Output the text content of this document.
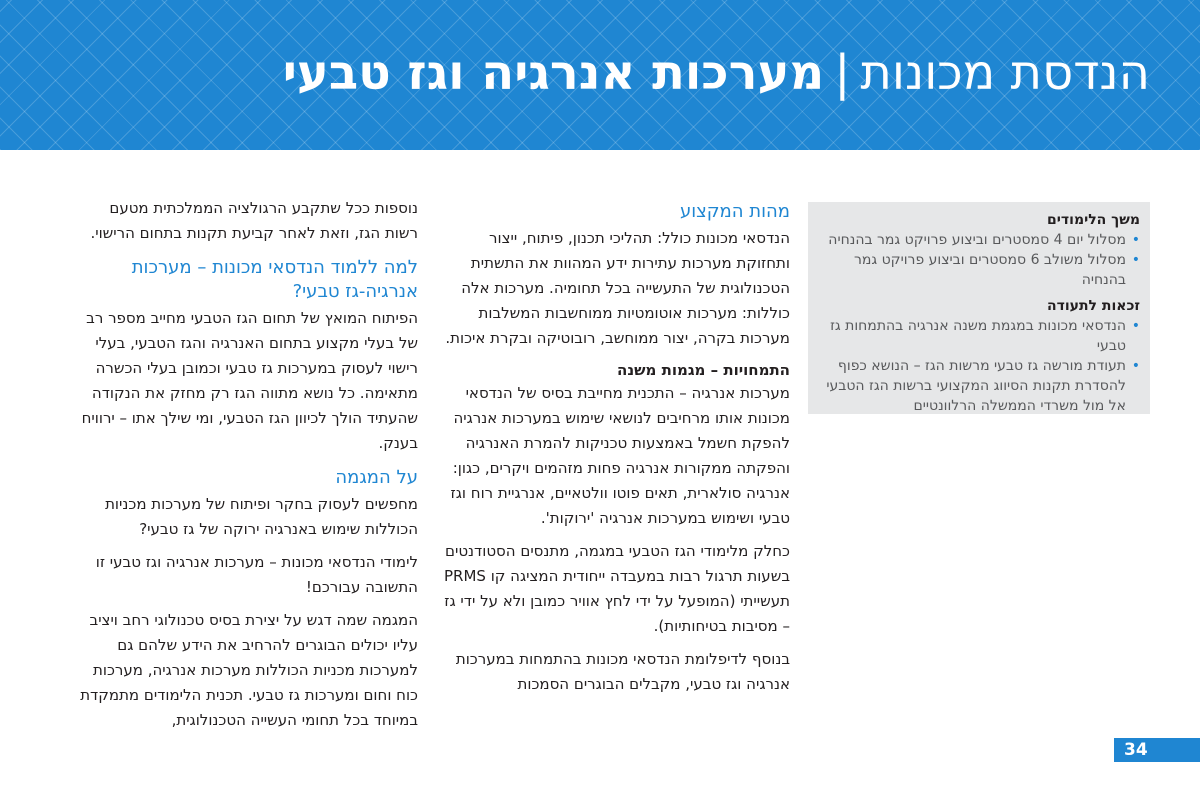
הנדסת מכונות|מערכות אנרגיה וגז טבעי
משך הלימודים
• מסלול יום 4 סמסטרים וביצוע פרויקט גמר בהנחיה
• מסלול משולב 6 סמסטרים וביצוע פרויקט גמר בהנחיה
זכאות לתעודה
• הנדסאי מכונות במגמת משנה אנרגיה בהתמחות גז טבעי
• תעודת מורשה גז טבעי מרשות הגז – הנושא כפוף להסדרת תקנות הסיווג המקצועי ברשות הגז הטבעי אל מול משרדי הממשלה הרלוונטיים
מהות המקצוע

הנדסאי מכונות כולל: תהליכי תכנון, פיתוח, ייצור ותחזוקת מערכות עתירות ידע המהוות את התשתית הטכנולוגית של התעשייה בכל תחומיה. מערכות אלה כוללות: מערכות אוטומטיות ממוחשבות המשלבות מערכות בקרה, יצור ממוחשב, רובוטיקה ובקרת איכות.

התמחויות – מגמות משנה

מערכות אנרגיה – התכנית מחייבת בסיס של הנדסאי מכונות אותו מרחיבים לנושאי שימוש במערכות אנרגיה להפקת חשמל באמצעות טכניקות להמרת האנרגיה והפקתה ממקורות אנרגיה פחות מזהמים ויקרים, כגון: אנרגיה סולארית, תאים פוטו וולטאיים, אנרגיית רוח וגז טבעי ושימוש במערכות אנרגיה 'ירוקות'.

כחלק מלימודי הגז הטבעי במגמה, מתנסים הסטודנטים בשעות תרגול רבות במעבדה ייחודית המציגה קו PRMS תעשייתי (המופעל על ידי לחץ אוויר כמובן ולא על ידי גז – מסיבות בטיחותיות).

בנוסף לדיפלומת הנדסאי מכונות בהתמחות במערכות אנרגיה וגז טבעי, מקבלים הבוגרים הסמכות

נוספות ככל שתקבע הרגולציה הממלכתית מטעם רשות הגז, וזאת לאחר קביעת תקנות בתחום הרישוי.

למה ללמוד הנדסאי מכונות – מערכות אנרגיה-גז טבעי?

הפיתוח המואץ של תחום הגז הטבעי מחייב מספר רב של בעלי מקצוע בתחום האנרגיה והגז הטבעי, בעלי רישוי לעסוק במערכות גז טבעי וכמובן בעלי הכשרה מתאימה. כל נושא מתווה הגז רק מחזק את הנקודה שהעתיד הולך לכיוון הגז הטבעי, ומי שילך אתו – ירוויח בענק.

על המגמה

מחפשים לעסוק בחקר ופיתוח של מערכות מכניות הכוללות שימוש באנרגיה ירוקה של גז טבעי?

לימודי הנדסאי מכונות – מערכות אנרגיה וגז טבעי זו התשובה עבורכם!

המגמה שמה דגש על יצירת בסיס טכנולוגי רחב ויציב עליו יכולים הבוגרים להרחיב את הידע שלהם גם למערכות מכניות הכוללות מערכות אנרגיה, מערכות כוח וחום ומערכות גז טבעי. תכנית הלימודים מתמקדת במיוחד בכל תחומי העשייה הטכנולוגית,

34
